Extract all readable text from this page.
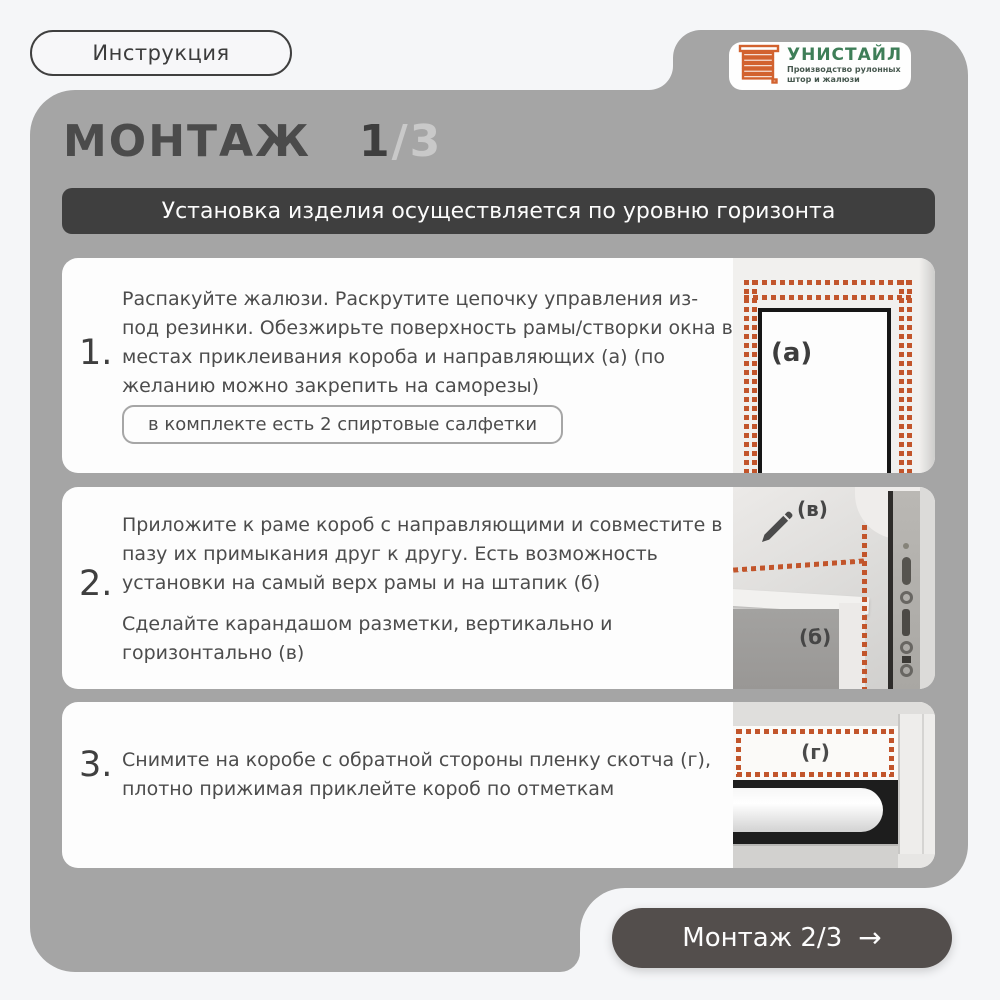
Инструкция	УНИСТАЙЛ
Производство рулонных
штор и жалюзи
МОНТАЖ 1 /3
Установка изделия осуществляется по уровню горизонта
1.
Распакуйте жалюзи. Раскрутите цепочку управления из-под резинки. Обезжирьте поверхность рамы/створки окна в местах приклеивания короба и направляющих (а) (по желанию можно закрепить на саморезы)
в комплекте есть 2 спиртовые салфетки
(а)
2.
Приложите к раме короб с направляющими и совместите в пазу их примыкания друг к другу. Есть возможность установки на самый верх рамы и на штапик (б)
Сделайте карандашом разметки, вертикально и горизонтально (в)
(в)
(б)
3. Снимите на коробе с обратной стороны пленку скотча (г), плотно прижимая приклейте короб по отметкам
(г)
Монтаж 2/3 →
